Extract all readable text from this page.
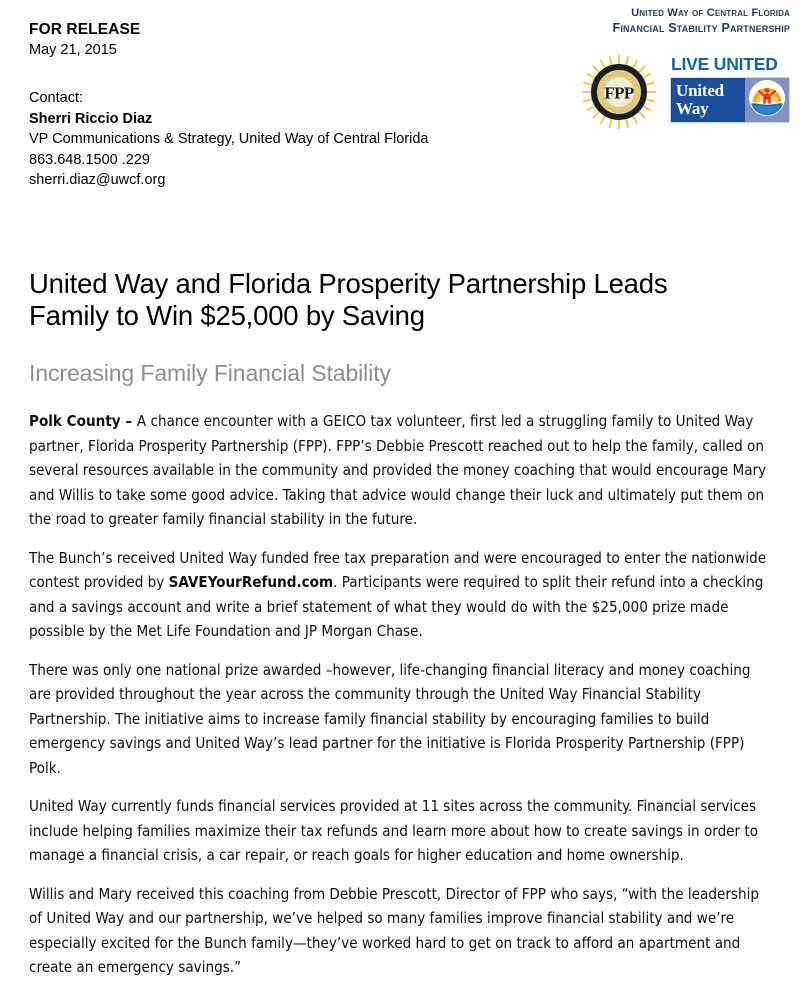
FOR RELEASE
May 21, 2015
Contact:
Sherri Riccio Diaz
VP Communications & Strategy, United Way of Central Florida
863.648.1500 .229
sherri.diaz@uwcf.org
United Way of Central Florida
Financial Stability Partnership
FPP
LIVE UNITED
United
Way
United Way and Florida Prosperity Partnership Leads Family to Win $25,000 by Saving
Increasing Family Financial Stability

Polk County – A chance encounter with a GEICO tax volunteer, first led a struggling family to United Way partner, Florida Prosperity Partnership (FPP). FPP’s Debbie Prescott reached out to help the family, called on several resources available in the community and provided the money coaching that would encourage Mary and Willis to take some good advice. Taking that advice would change their luck and ultimately put them on the road to greater family financial stability in the future.

The Bunch’s received United Way funded free tax preparation and were encouraged to enter the nationwide contest provided by SAVEYourRefund.com. Participants were required to split their refund into a checking and a savings account and write a brief statement of what they would do with the $25,000 prize made possible by the Met Life Foundation and JP Morgan Chase.

There was only one national prize awarded –however, life-changing financial literacy and money coaching are provided throughout the year across the community through the United Way Financial Stability Partnership. The initiative aims to increase family financial stability by encouraging families to build emergency savings and United Way’s lead partner for the initiative is Florida Prosperity Partnership (FPP) Polk.

United Way currently funds financial services provided at 11 sites across the community. Financial services include helping families maximize their tax refunds and learn more about how to create savings in order to manage a financial crisis, a car repair, or reach goals for higher education and home ownership.

Willis and Mary received this coaching from Debbie Prescott, Director of FPP who says, “with the leadership of United Way and our partnership, we’ve helped so many families improve financial stability and we’re especially excited for the Bunch family—they’ve worked hard to get on track to afford an apartment and create an emergency savings.”
